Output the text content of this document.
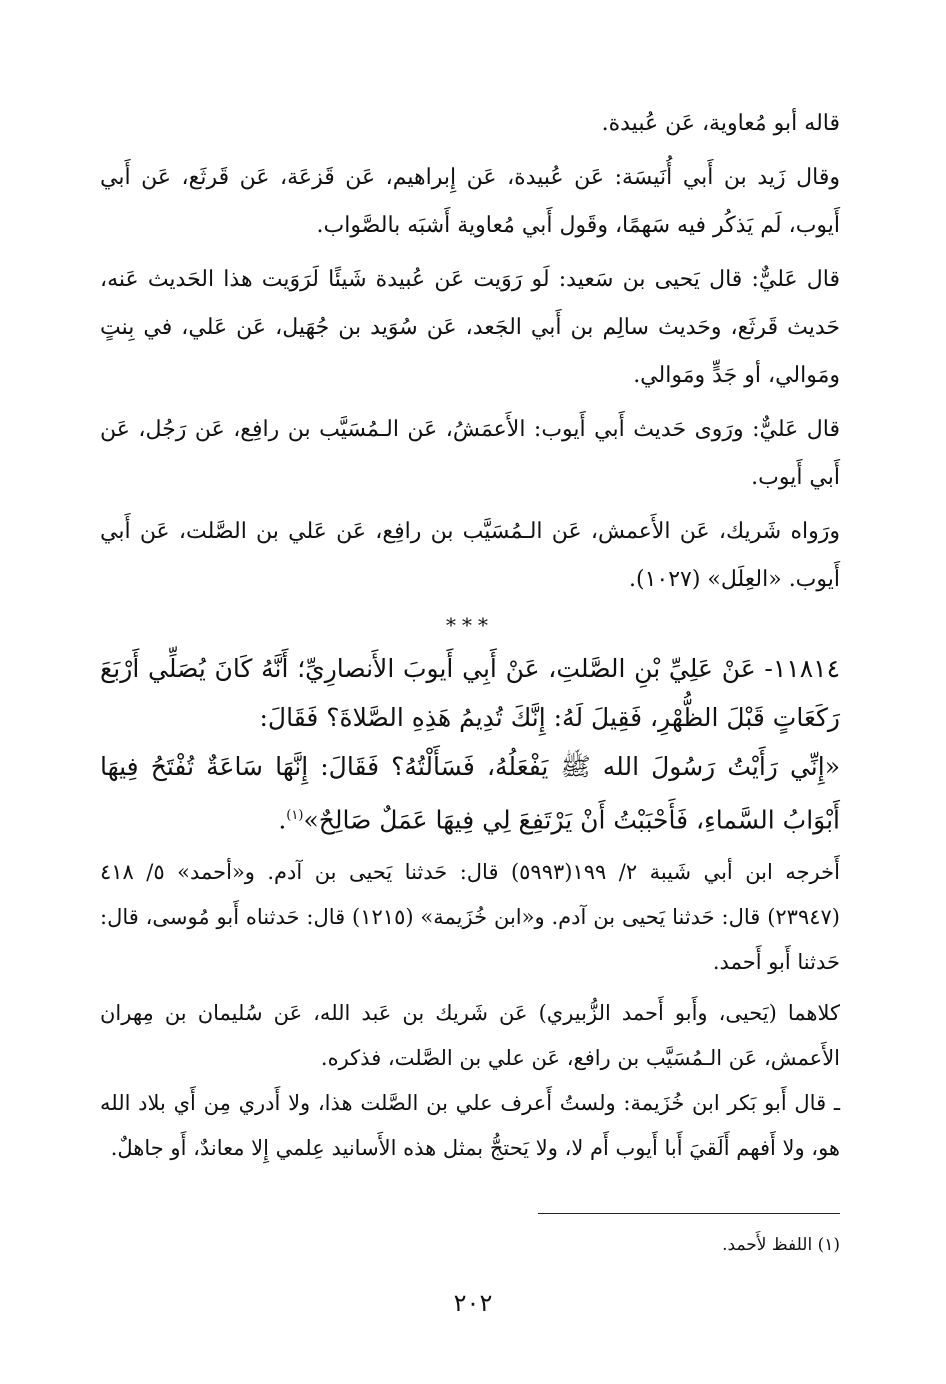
قاله أبو مُعاوية، عَن عُبيدة.

وقال زَيد بن أَبي أُنَيسَة: عَن عُبيدة، عَن إِبراهيم، عَن قَزعَة، عَن قَرثَع، عَن أَبي أَيوب، لَم يَذكُر فيه سَهمًا، وقَول أَبي مُعاوية أَشبَه بالصَّواب.

قال عَليٌّ: قال يَحيى بن سَعيد: لَو رَوَيت عَن عُبيدة شَيئًا لَرَوَيت هذا الحَديث عَنه، حَديث قَرثَع، وحَديث سالِم بن أَبي الجَعد، عَن سُوَيد بن جُهَيل، عَن عَلي، في بِنتٍ ومَوالي، أو جَدٍّ ومَوالي.

قال عَليٌّ: ورَوى حَديث أَبي أَيوب: الأَعمَشُ، عَن الـمُسَيَّب بن رافِع، عَن رَجُل، عَن أَبي أَيوب.

ورَواه شَريك، عَن الأَعمش، عَن الـمُسَيَّب بن رافِع، عَن عَلي بن الصَّلت، عَن أَبي أَيوب. «العِلَل» (١٠٢٧).

***

١١٨١٤- عَنْ عَلِيِّ بْنِ الصَّلتِ، عَنْ أَبِي أَيوبَ الأَنصارِيِّ؛ أَنَّهُ كَانَ يُصَلِّي أَرْبَعَ رَكَعَاتٍ قَبْلَ الظُّهْرِ، فَقِيلَ لَهُ: إِنَّكَ تُدِيمُ هَذِهِ الصَّلاةَ؟ فَقَالَ:

«إِنِّي رَأَيْتُ رَسُولَ الله ﷺ يَفْعَلُهُ، فَسَأَلْتُهُ؟ فَقَالَ: إِنَّهَا سَاعَةٌ تُفْتَحُ فِيهَا أَبْوَابُ السَّماءِ، فَأَحْبَبْتُ أَنْ يَرْتَفِعَ لِي فِيهَا عَمَلٌ صَالِحٌ»$^{(١)}$.

أَخرجه ابن أبي شَيبة ٢/ ١٩٩(٥٩٩٣) قال: حَدثنا يَحيى بن آدم. و«أحمد» ٥/ ٤١٨ (٢٣٩٤٧) قال: حَدثنا يَحيى بن آدم. و«ابن خُزَيمة» (١٢١٥) قال: حَدثناه أَبو مُوسى، قال: حَدثنا أَبو أَحمد.

كلاهما (يَحيى، وأَبو أَحمد الزُّبيري) عَن شَريك بن عَبد الله، عَن سُليمان بن مِهران الأَعمش، عَن الـمُسَيَّب بن رافع، عَن علي بن الصَّلت، فذكره.

ـ قال أَبو بَكر ابن خُزَيمة: ولستُ أَعرف علي بن الصَّلت هذا، ولا أَدري مِن أَي بلاد الله هو، ولا أَفهم أَلَقيَ أَبا أَيوب أَم لا، ولا يَحتجُّ بمثل هذه الأَسانيد عِلمي إِلا معاندٌ، أَو جاهلٌ.

(١) اللفظ لأَحمد.
٢٠٢
